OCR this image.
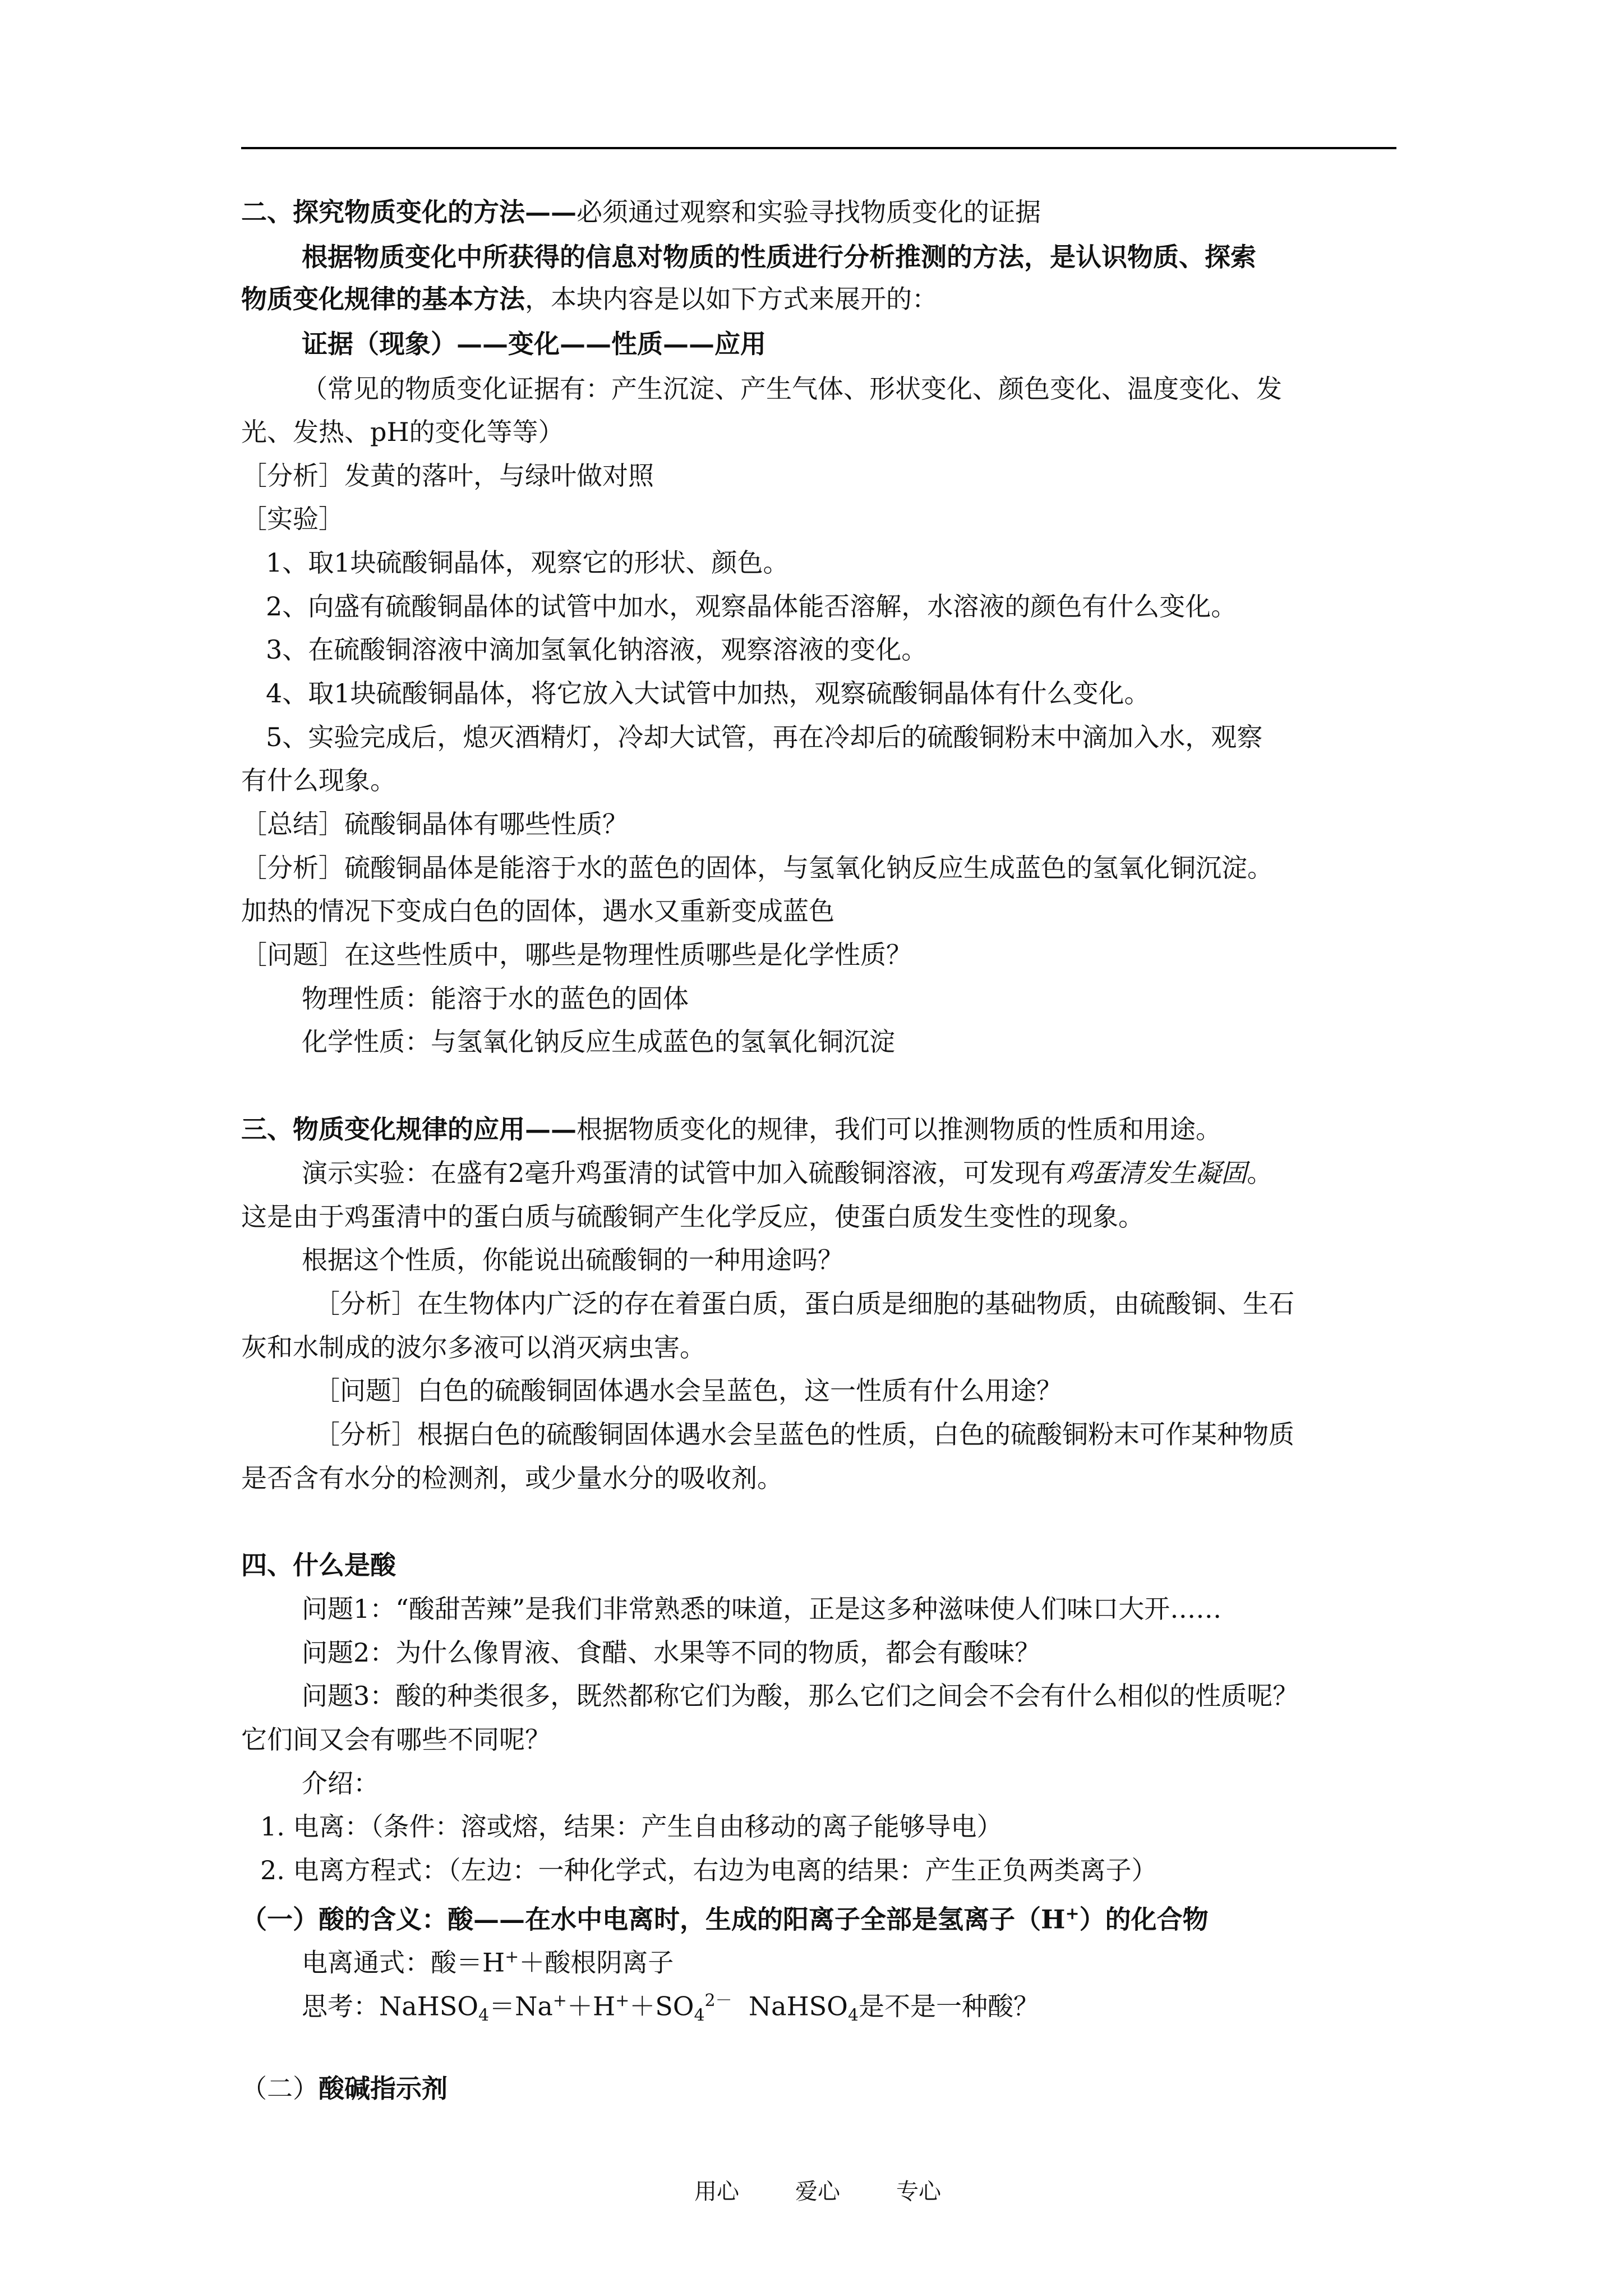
二、探究物质变化的方法——必须通过观察和实验寻找物质变化的证据
根据物质变化中所获得的信息对物质的性质进行分析推测的方法，是认识物质、探索
物质变化规律的基本方法，本块内容是以如下方式来展开的：
证据（现象）——变化——性质——应用
（常见的物质变化证据有：产生沉淀、产生气体、形状变化、颜色变化、温度变化、发
光、发热、pH的变化等等）
［分析］发黄的落叶，与绿叶做对照
［实验］
1、取1块硫酸铜晶体，观察它的形状、颜色。
2、向盛有硫酸铜晶体的试管中加水，观察晶体能否溶解，水溶液的颜色有什么变化。
3、在硫酸铜溶液中滴加氢氧化钠溶液，观察溶液的变化。
4、取1块硫酸铜晶体，将它放入大试管中加热，观察硫酸铜晶体有什么变化。
5、实验完成后，熄灭酒精灯，冷却大试管，再在冷却后的硫酸铜粉末中滴加入水，观察
有什么现象。
［总结］硫酸铜晶体有哪些性质？
［分析］硫酸铜晶体是能溶于水的蓝色的固体，与氢氧化钠反应生成蓝色的氢氧化铜沉淀。
加热的情况下变成白色的固体，遇水又重新变成蓝色
［问题］在这些性质中，哪些是物理性质哪些是化学性质？
物理性质：能溶于水的蓝色的固体
化学性质：与氢氧化钠反应生成蓝色的氢氧化铜沉淀
三、物质变化规律的应用——根据物质变化的规律，我们可以推测物质的性质和用途。
演示实验：在盛有2毫升鸡蛋清的试管中加入硫酸铜溶液，可发现有鸡蛋清发生凝固。
这是由于鸡蛋清中的蛋白质与硫酸铜产生化学反应，使蛋白质发生变性的现象。
根据这个性质，你能说出硫酸铜的一种用途吗？
［分析］在生物体内广泛的存在着蛋白质，蛋白质是细胞的基础物质，由硫酸铜、生石
灰和水制成的波尔多液可以消灭病虫害。
［问题］白色的硫酸铜固体遇水会呈蓝色，这一性质有什么用途？
［分析］根据白色的硫酸铜固体遇水会呈蓝色的性质，白色的硫酸铜粉末可作某种物质
是否含有水分的检测剂，或少量水分的吸收剂。
四、什么是酸
问题1：“酸甜苦辣”是我们非常熟悉的味道，正是这多种滋味使人们味口大开……
问题2：为什么像胃液、食醋、水果等不同的物质，都会有酸味？
问题3：酸的种类很多，既然都称它们为酸，那么它们之间会不会有什么相似的性质呢？
它们间又会有哪些不同呢？
介绍：
1. 电离：（条件：溶或熔，结果：产生自由移动的离子能够导电）
2. 电离方程式：（左边：一种化学式，右边为电离的结果：产生正负两类离子）
（一）酸的含义：酸——在水中电离时，生成的阳离子全部是氢离子（H+）的化合物
电离通式：酸＝H+＋酸根阴离子
思考：$NaHSO_4=Na^++H^++SO_4^{2-}$  NaHSO$_4$是不是一种酸？
（二）酸碱指示剂
用心	爱心	专心
